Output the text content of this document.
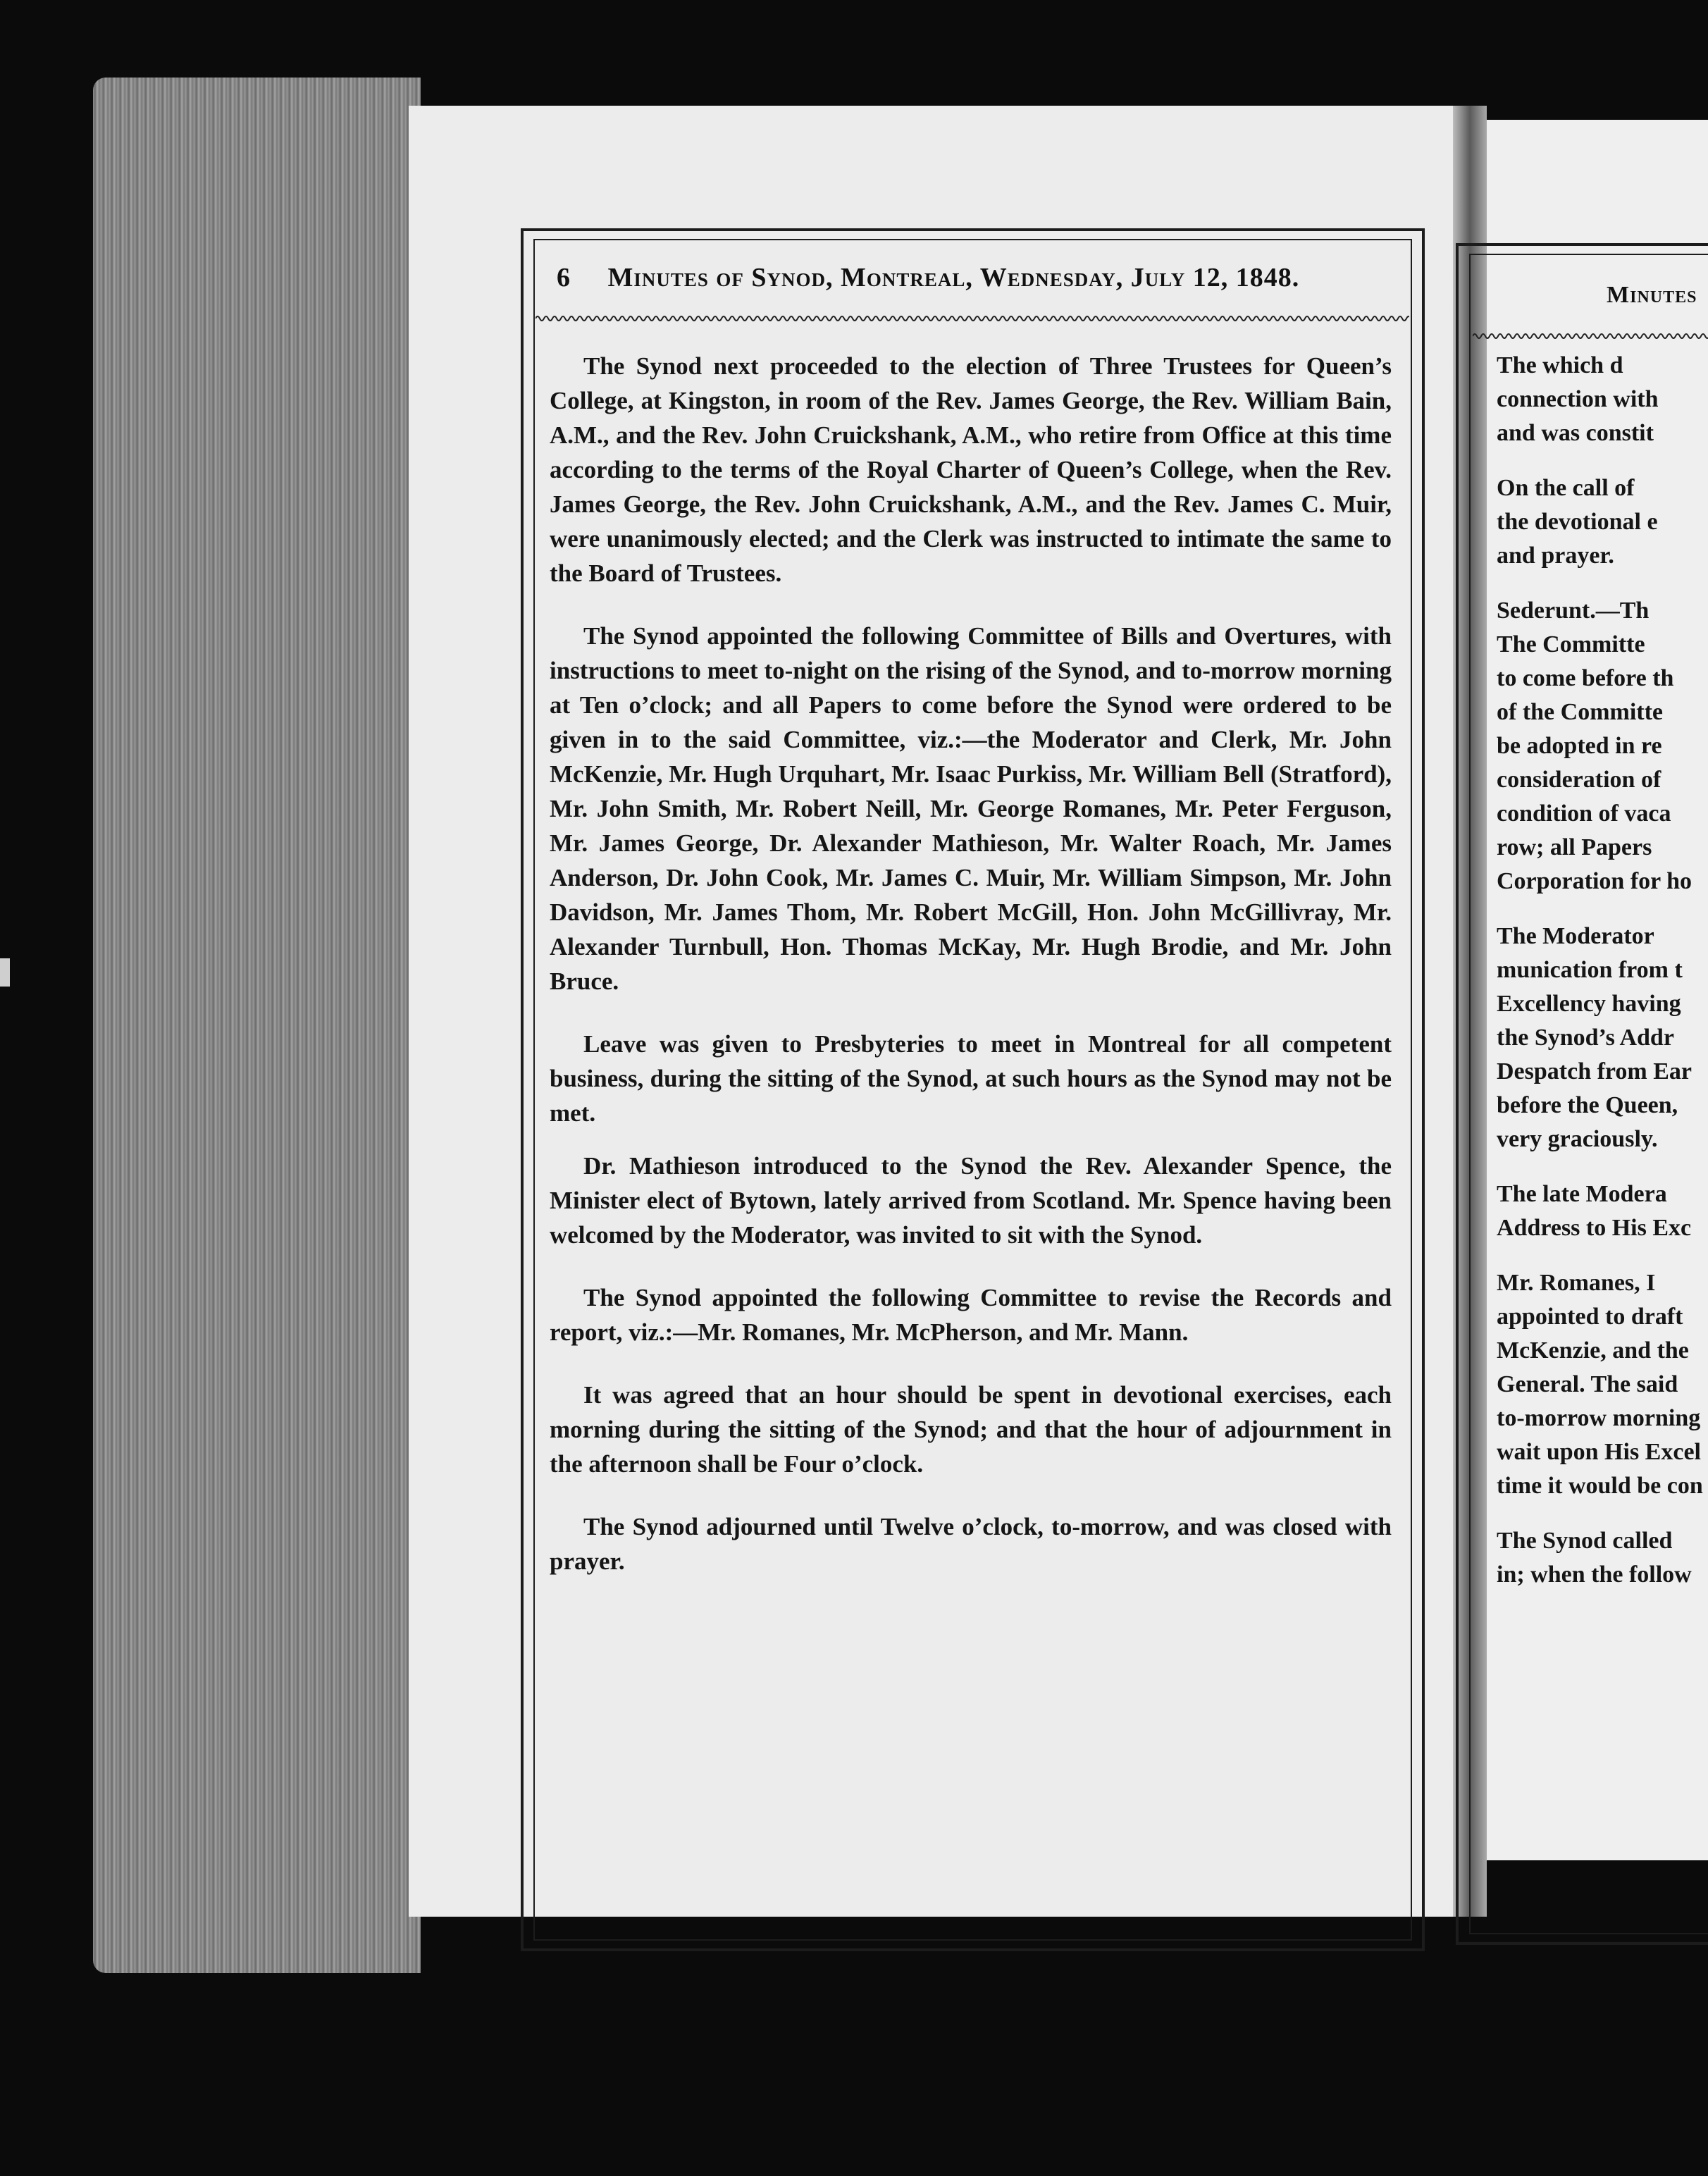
6 Minutes of Synod, Montreal, Wednesday, July 12, 1848.

The Synod next proceeded to the election of Three Trustees for Queen’s College, at Kingston, in room of the Rev. James George, the Rev. William Bain, A.M., and the Rev. John Cruickshank, A.M., who retire from Office at this time according to the terms of the Royal Charter of Queen’s College, when the Rev. James George, the Rev. John Cruickshank, A.M., and the Rev. James C. Muir, were unanimously elected; and the Clerk was instructed to intimate the same to the Board of Trustees.

The Synod appointed the following Committee of Bills and Overtures, with instructions to meet to-night on the rising of the Synod, and to-morrow morning at Ten o’clock; and all Papers to come before the Synod were ordered to be given in to the said Committee, viz.:—the Moderator and Clerk, Mr. John McKenzie, Mr. Hugh Urquhart, Mr. Isaac Purkiss, Mr. William Bell (Stratford), Mr. John Smith, Mr. Robert Neill, Mr. George Romanes, Mr. Peter Ferguson, Mr. James George, Dr. Alexander Mathieson, Mr. Walter Roach, Mr. James Anderson, Dr. John Cook, Mr. James C. Muir, Mr. William Simpson, Mr. John Davidson, Mr. James Thom, Mr. Robert McGill, Hon. John McGillivray, Mr. Alexander Turnbull, Hon. Thomas McKay, Mr. Hugh Brodie, and Mr. John Bruce.

Leave was given to Presbyteries to meet in Montreal for all competent business, during the sitting of the Synod, at such hours as the Synod may not be met.

Dr. Mathieson introduced to the Synod the Rev. Alexander Spence, the Minister elect of Bytown, lately arrived from Scotland. Mr. Spence having been welcomed by the Moderator, was invited to sit with the Synod.

The Synod appointed the following Committee to revise the Records and report, viz.:—Mr. Romanes, Mr. McPherson, and Mr. Mann.

It was agreed that an hour should be spent in devotional exercises, each morning during the sitting of the Synod; and that the hour of adjournment in the afternoon shall be Four o’clock.

The Synod adjourned until Twelve o’clock, to-morrow, and was closed with prayer.

Minutes
The which d
connection with
and was constit
On the call of
the devotional e
and prayer.
Sederunt.—Th
The Committe
to come before th
of the Committe
be adopted in re
consideration of
condition of vaca
row; all Papers
Corporation for ho
The Moderator
munication from t
Excellency having
the Synod’s Addr
Despatch from Ear
before the Queen,
very graciously.
The late Modera
Address to His Exc
Mr. Romanes, I
appointed to draft
McKenzie, and the
General. The said
to-morrow morning
wait upon His Excel
time it would be con
The Synod called
in; when the follow
